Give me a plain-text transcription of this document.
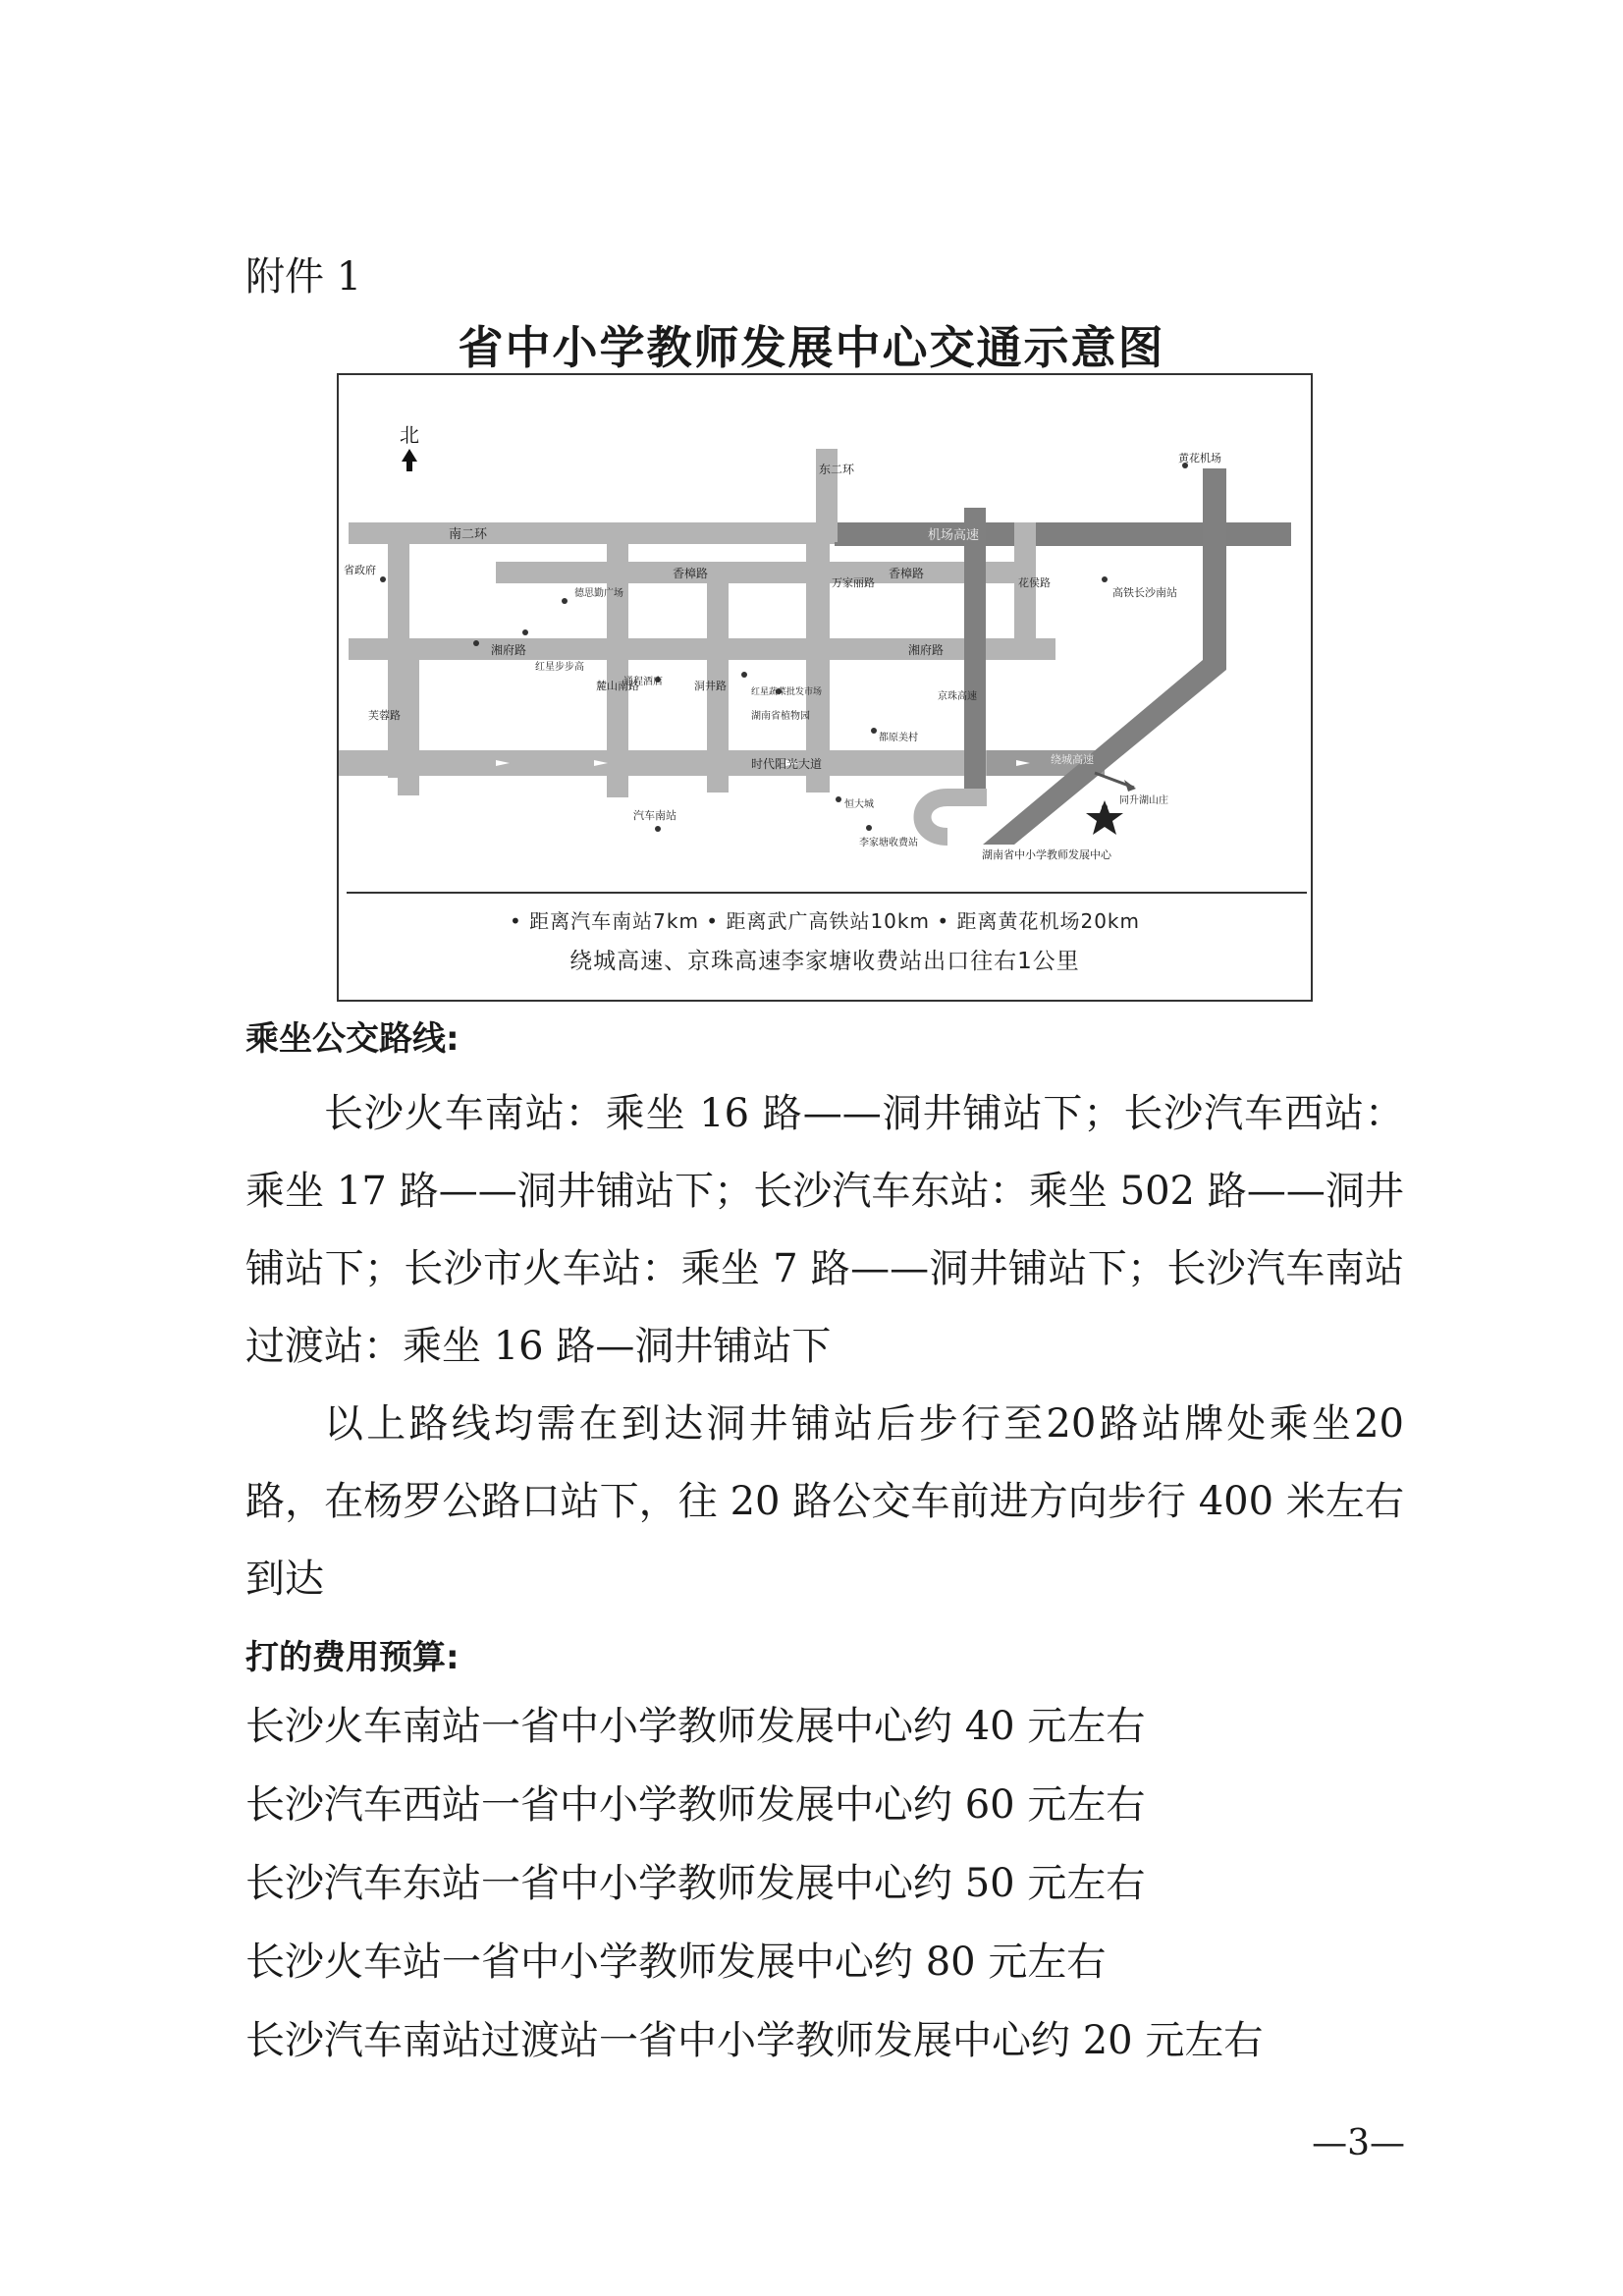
附件 1
省中小学教师发展中心交通示意图
北
南二环
东二环
黄花机场
机场高速
香樟路	香樟路
万家丽路	花侯路
高铁长沙南站
省政府
芙蓉路
麓山南路	洞井路
湘府路	湘府路
德思勤广场
红星步步高
通程酒店
红星蔬菜批发市场
湖南省植物园
京珠高速
时代阳光大道
汽车南站
恒大城
都原美村
李家塘收费站
绕城高速
同升湖山庄
湖南省中小学教师发展中心
• 距离汽车南站7km • 距离武广高铁站10km • 距离黄花机场20km
绕城高速、京珠高速李家塘收费站出口往右1公里
乘坐公交路线:

长沙火车南站：乘坐 16 路——洞井铺站下；长沙汽车西站：乘坐 17 路——洞井铺站下；长沙汽车东站：乘坐 502 路——洞井铺站下；长沙市火车站：乘坐 7 路——洞井铺站下；长沙汽车南站过渡站：乘坐 16 路—洞井铺站下

以上路线均需在到达洞井铺站后步行至20路站牌处乘坐20 路，在杨罗公路口站下，往 20 路公交车前进方向步行 400 米左右到达

打的费用预算:
长沙火车南站一省中小学教师发展中心约 40 元左右
长沙汽车西站一省中小学教师发展中心约 60 元左右
长沙汽车东站一省中小学教师发展中心约 50 元左右
长沙火车站一省中小学教师发展中心约 80 元左右
长沙汽车南站过渡站一省中小学教师发展中心约 20 元左右
—3—
